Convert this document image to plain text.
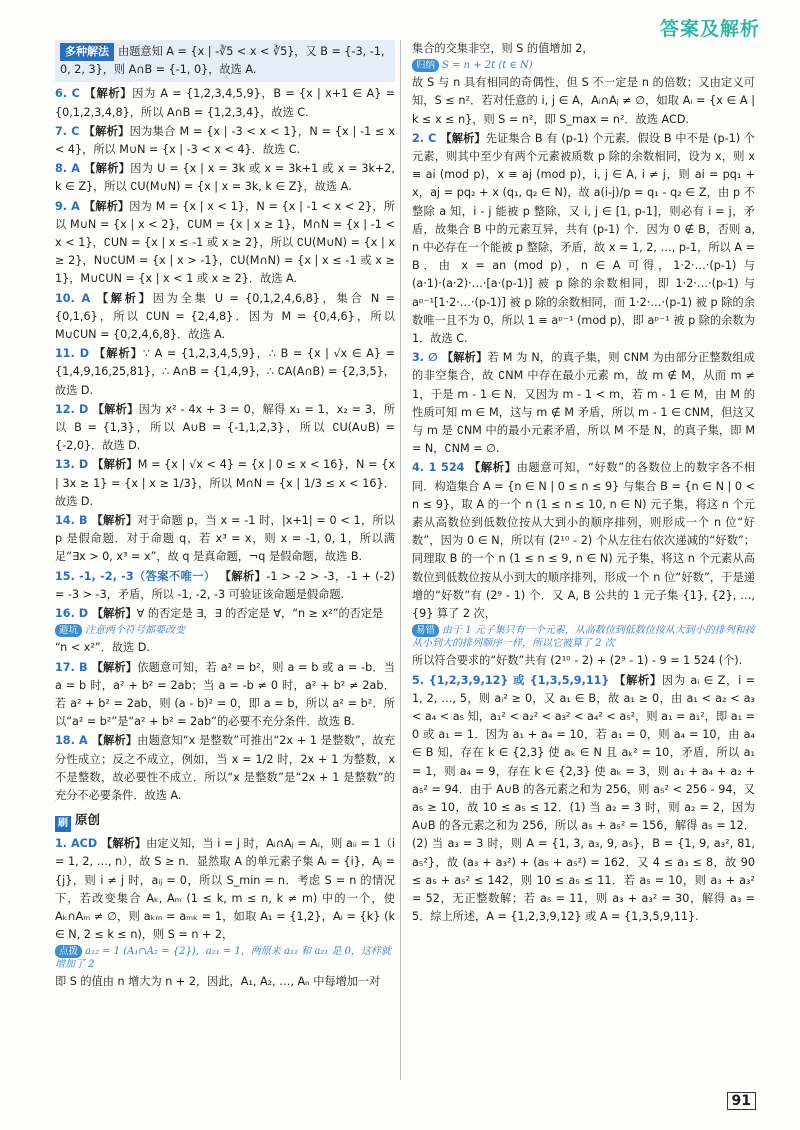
答案及解析
多种解法 由题意知 A = {x | -∛5 < x < ∛5}，又 B = {-3, -1, 0, 2, 3}，则 A∩B = {-1, 0}，故选 A.

6. C 【解析】因为 A = {1,2,3,4,5,9}，B = {x | x+1 ∈ A} = {0,1,2,3,4,8}，所以 A∩B = {1,2,3,4}，故选 C.

7. C 【解析】因为集合 M = {x | -3 < x < 1}，N = {x | -1 ≤ x < 4}，所以 M∪N = {x | -3 < x < 4}．故选 C.

8. A 【解析】因为 U = {x | x = 3k 或 x = 3k+1 或 x = 3k+2, k ∈ Z}，所以 ∁U(M∪N) = {x | x = 3k, k ∈ Z}，故选 A.

9. A 【解析】因为 M = {x | x < 1}，N = {x | -1 < x < 2}，所以 M∪N = {x | x < 2}，∁UM = {x | x ≥ 1}，M∩N = {x | -1 < x < 1}，∁UN = {x | x ≤ -1 或 x ≥ 2}，所以 ∁U(M∪N) = {x | x ≥ 2}，N∪∁UM = {x | x > -1}，∁U(M∩N) = {x | x ≤ -1 或 x ≥ 1}，M∪∁UN = {x | x < 1 或 x ≥ 2}．故选 A.

10. A 【解析】因为全集 U = {0,1,2,4,6,8}，集合 N = {0,1,6}，所以 ∁UN = {2,4,8}．因为 M = {0,4,6}，所以 M∪∁UN = {0,2,4,6,8}．故选 A.

11. D 【解析】∵ A = {1,2,3,4,5,9}，∴ B = {x | √x ∈ A} = {1,4,9,16,25,81}，∴ A∩B = {1,4,9}，∴ ∁A(A∩B) = {2,3,5}，故选 D.

12. D 【解析】因为 x² - 4x + 3 = 0，解得 x₁ = 1，x₂ = 3，所以 B = {1,3}，所以 A∪B = {-1,1,2,3}，所以 ∁U(A∪B) = {-2,0}．故选 D.

13. D 【解析】M = {x | √x < 4} = {x | 0 ≤ x < 16}，N = {x | 3x ≥ 1} = {x | x ≥ 1/3}，所以 M∩N = {x | 1/3 ≤ x < 16}．故选 D.

14. B 【解析】对于命题 p，当 x = -1 时，|x+1| = 0 < 1，所以 p 是假命题．对于命题 q，若 x³ = x，则 x = -1, 0, 1，所以满足“∃x > 0, x³ = x”，故 q 是真命题，¬q 是假命题，故选 B.

15. -1, -2, -3（答案不唯一） 【解析】-1 > -2 > -3，-1 + (-2) = -3 > -3，矛盾，所以 -1, -2, -3 可验证该命题是假命题.

16. D 【解析】∀ 的否定是 ∃，∃ 的否定是 ∀，“n ≥ x²”的否定是

避坑 注意两个符号都要改变

“n < x²”．故选 D.

17. B 【解析】依题意可知，若 a² = b²，则 a = b 或 a = -b．当 a = b 时，a² + b² = 2ab；当 a = -b ≠ 0 时，a² + b² ≠ 2ab．若 a² + b² = 2ab，则 (a - b)² = 0，即 a = b，所以 a² = b²．所以“a² = b²”是“a² + b² = 2ab”的必要不充分条件．故选 B.

18. A 【解析】由题意知“x 是整数”可推出“2x + 1 是整数”，故充分性成立；反之不成立，例如，当 x = 1/2 时，2x + 1 为整数，x 不是整数，故必要性不成立．所以“x 是整数”是“2x + 1 是整数”的充分不必要条件．故选 A.

刷 原创

1. ACD 【解析】由定义知，当 i = j 时，Aᵢ∩Aⱼ = Aᵢ，则 aᵢᵢ = 1（i = 1, 2, …, n），故 S ≥ n．显然取 A 的单元素子集 Aᵢ = {i}，Aⱼ = {j}，则 i ≠ j 时，aᵢⱼ = 0，所以 S_min = n．考虑 S = n 的情况下，若改变集合 Aₖ, Aₘ (1 ≤ k, m ≤ n, k ≠ m) 中的一个，使 Aₖ∩Aₘ ≠ ∅，则 aₖₘ = aₘₖ = 1，如取 A₁ = {1,2}，Aᵢ = {k} (k ∈ N, 2 ≤ k ≤ n)，则 S = n + 2，

点拨 a₁₂ = 1 (A₁∩A₂ = {2})，a₂₁ = 1，两原来 a₁₂ 和 a₂₁ 是 0，这样就增加了 2

即 S 的值由 n 增大为 n + 2，因此，A₁, A₂, …, Aₙ 中每增加一对

集合的交集非空，则 S 的值增加 2，

归纳 S = n + 2t (t ∈ N)

故 S 与 n 具有相同的奇偶性，但 S 不一定是 n 的倍数；又由定义可知，S ≤ n²．若对任意的 i, j ∈ A，Aᵢ∩Aⱼ ≠ ∅，如取 Aᵢ = {x ∈ A | k ≤ x ≤ n}，则 S = n²，即 S_max = n²．故选 ACD.

2. C 【解析】先证集合 B 有 (p-1) 个元素．假设 B 中不是 (p-1) 个元素，则其中至少有两个元素被质数 p 除的余数相同，设为 x，则 x ≡ ai (mod p)，x ≡ aj (mod p)，i, j ∈ A, i ≠ j，则 ai = pq₁ + x，aj = pq₂ + x (q₁, q₂ ∈ N)，故 a(i-j)/p = q₁ - q₂ ∈ Z，由 p 不整除 a 知，i - j 能被 p 整除，又 i, j ∈ [1, p-1]，则必有 i = j，矛盾，故集合 B 中的元素互异，共有 (p-1) 个．因为 0 ∉ B，否则 a, n 中必存在一个能被 p 整除，矛盾，故 x = 1, 2, …, p-1，所以 A = B．由 x = an (mod p)，n ∈ A 可得，1·2·…·(p-1) 与 (a·1)·(a·2)·…·[a·(p-1)] 被 p 除的余数相同，即 1·2·…·(p-1) 与 aᵖ⁻¹[1·2·…·(p-1)] 被 p 除的余数相同，而 1·2·…·(p-1) 被 p 除的余数唯一且不为 0，所以 1 ≡ aᵖ⁻¹ (mod p)，即 aᵖ⁻¹ 被 p 除的余数为 1．故选 C.

3. ∅ 【解析】若 M 为 N，的真子集，则 ∁NM 为由部分正整数组成的非空集合，故 ∁NM 中存在最小元素 m，故 m ∉ M，从而 m ≠ 1，于是 m - 1 ∈ N．又因为 m - 1 < m，若 m - 1 ∈ M，由 M 的性质可知 m ∈ M，这与 m ∉ M 矛盾，所以 m - 1 ∈ ∁NM，但这又与 m 是 ∁NM 中的最小元素矛盾，所以 M 不是 N，的真子集，即 M = N，∁NM = ∅.

4. 1 524 【解析】由题意可知，“好数”的各数位上的数字各不相同．构造集合 A = {n ∈ N | 0 ≤ n ≤ 9} 与集合 B = {n ∈ N | 0 < n ≤ 9}，取 A 的一个 n (1 ≤ n ≤ 10, n ∈ N) 元子集，将这 n 个元素从高数位到低数位按从大到小的顺序排列，则形成一个 n 位“好数”，因为 0 ∈ N，所以有 (2¹⁰ - 2) 个从左往右依次递减的“好数”；同理取 B 的一个 n (1 ≤ n ≤ 9, n ∈ N) 元子集，将这 n 个元素从高数位到低数位按从小到大的顺序排列，形成一个 n 位“好数”，于是递增的“好数”有 (2⁹ - 1) 个．又 A, B 公共的 1 元子集 {1}, {2}, …, {9} 算了 2 次，

易错 由于 1 元子集只有一个元素，从高数位到低数位按从大到小的排列和按从小到大的排列顺序一样，所以它被算了 2 次

所以符合要求的“好数”共有 (2¹⁰ - 2) + (2⁹ - 1) - 9 = 1 524 (个).

5. {1,2,3,9,12} 或 {1,3,5,9,11} 【解析】因为 aᵢ ∈ Z，i = 1, 2, …, 5，则 aᵢ² ≥ 0，又 a₁ ∈ B，故 a₁ ≥ 0，由 a₁ < a₂ < a₃ < a₄ < a₅ 知，a₁² < a₂² < a₃² < a₄² < a₅²，则 a₁ = a₁²，即 a₁ = 0 或 a₁ = 1．因为 a₁ + a₄ = 10，若 a₁ = 0，则 a₄ = 10，由 a₄ ∈ B 知，存在 k ∈ {2,3} 使 aₖ ∈ N 且 aₖ² = 10，矛盾，所以 a₁ = 1，则 a₄ = 9，存在 k ∈ {2,3} 使 aₖ = 3，则 a₁ + a₄ + a₂ + a₅² = 94．由于 A∪B 的各元素之和为 256，则 a₅² < 256 - 94，又 a₅ ≥ 10，故 10 ≤ a₅ ≤ 12．(1) 当 a₂ = 3 时，则 a₂ = 2，因为 A∪B 的各元素之和为 256，所以 a₅ + a₅² = 156，解得 a₅ = 12．(2) 当 a₃ = 3 时，则 A = {1, 3, a₃, 9, a₅}，B = {1, 9, a₃², 81, a₅²}，故 (a₃ + a₃²) + (a₅ + a₅²) = 162．又 4 ≤ a₃ ≤ 8，故 90 ≤ a₅ + a₅² ≤ 142，则 10 ≤ a₅ ≤ 11．若 a₅ = 10，则 a₃ + a₃² = 52，无正整数解；若 a₅ = 11，则 a₃ + a₃² = 30，解得 a₃ = 5．综上所述，A = {1,2,3,9,12} 或 A = {1,3,5,9,11}.

91
